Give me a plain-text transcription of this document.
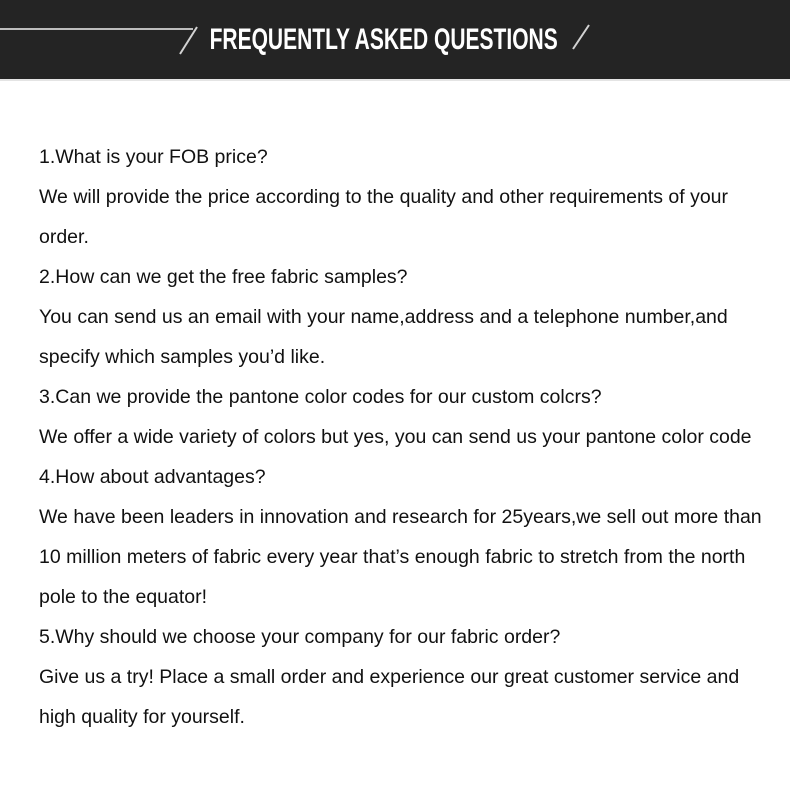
FREQUENTLY ASKED QUESTIONS
1.What is your FOB price?
We will provide the price according to the quality and other requirements of your
order.
2.How can we get the free fabric samples?
You can send us an email with your name,address and a telephone number,and
specify which samples you’d like.
3.Can we provide the pantone color codes for our custom colcrs?
We offer a wide variety of colors but yes, you can send us your pantone color code
4.How about advantages?
We have been leaders in innovation and research for 25years,we sell out more than
10 million meters of fabric every year that’s enough fabric to stretch from the north
pole to the equator!
5.Why should we choose your company for our fabric order?
Give us a try! Place a small order and experience our great customer service and
high quality for yourself.
